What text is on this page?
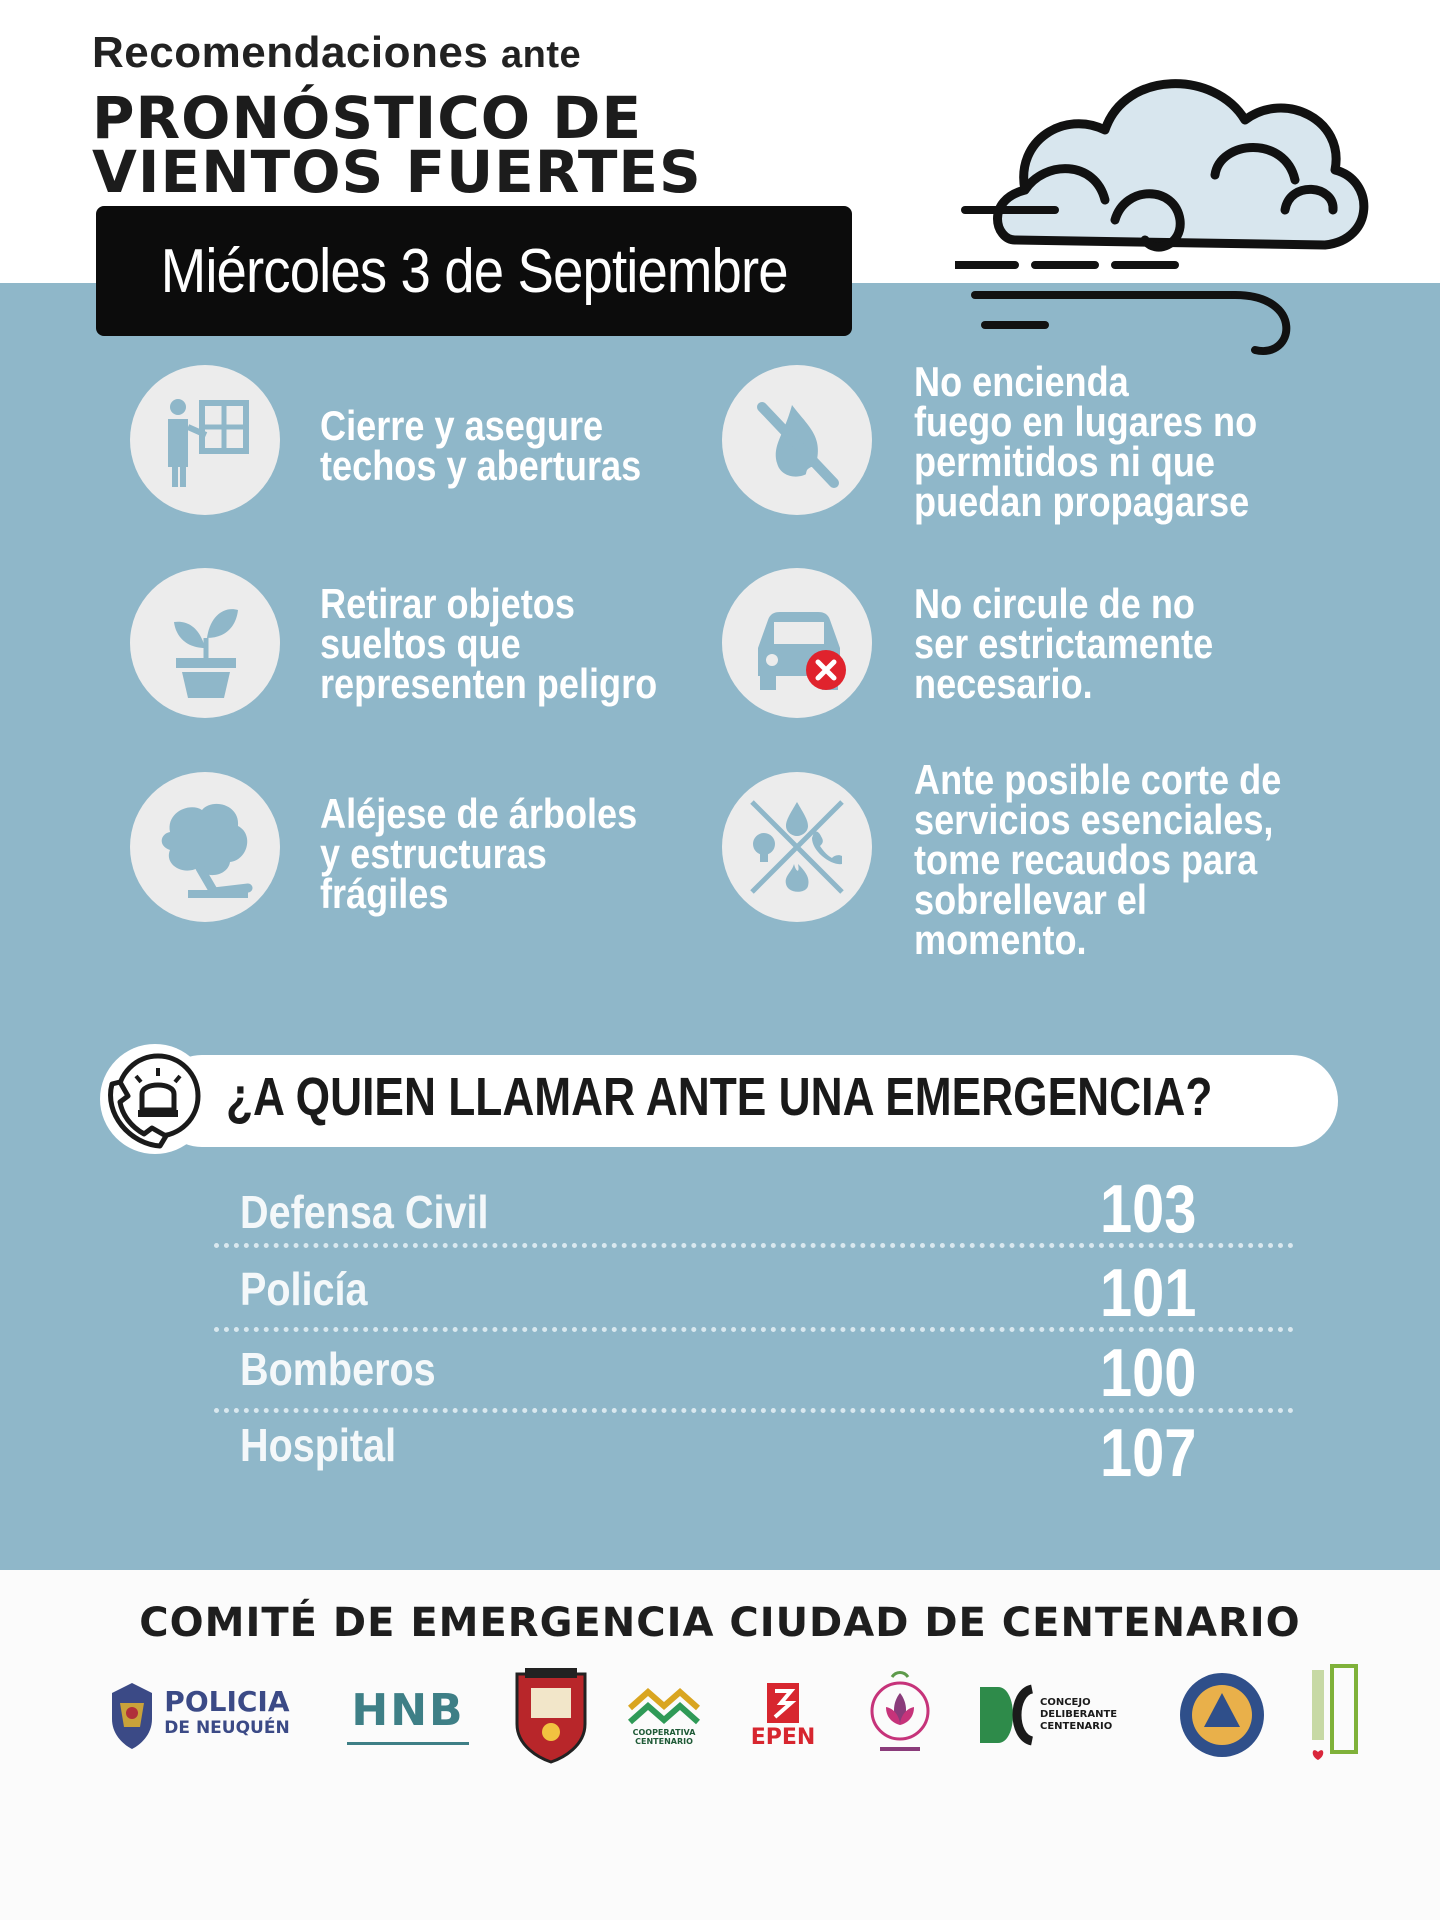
Recomendaciones ante
PRONÓSTICO DE
VIENTOS FUERTES
Miércoles 3 de Septiembre
Cierre y asegure
techos y aberturas
No encienda
fuego en lugares no
permitidos ni que
puedan propagarse
Retirar objetos
sueltos que
representen peligro
No circule de no
ser estrictamente
necesario.
Aléjese de árboles
y estructuras
frágiles
Ante posible corte de
servicios esenciales,
tome recaudos para
sobrellevar el
momento.
¿A QUIEN LLAMAR ANTE UNA EMERGENCIA?
Defensa Civil	103
Policía	101
Bomberos	100
Hospital	107
COMITÉ DE EMERGENCIA CIUDAD DE CENTENARIO
POLICIA
DE NEUQUÉN HNB	COOPERATIVA CENTENARIO	EPEN
CONCEJO DELIBERANTE CENTENARIO
